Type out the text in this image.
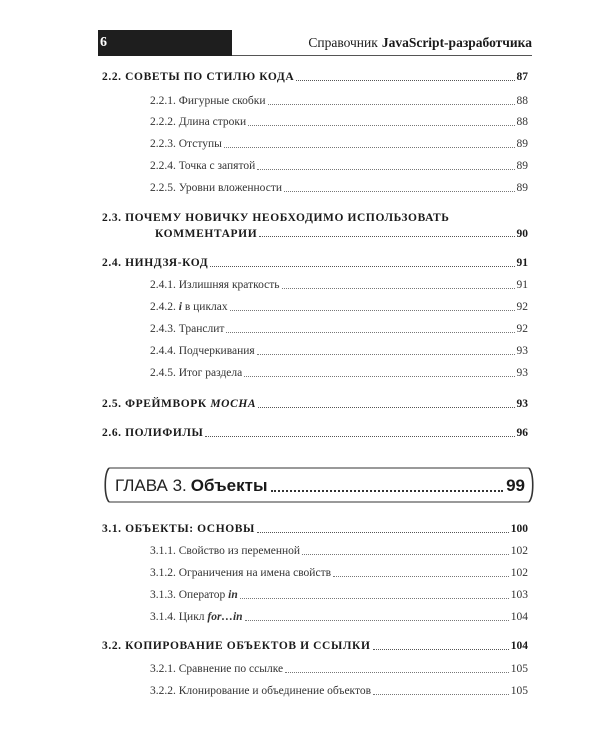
6	Справочник JavaScript-разработчика
2.2. СОВЕТЫ ПО СТИЛЮ КОДА	87
2.2.1. Фигурные скобки	88
2.2.2. Длина строки	88
2.2.3. Отступы	89
2.2.4. Точка с запятой	89
2.2.5. Уровни вложенности	89
2.3. ПОЧЕМУ НОВИЧКУ НЕОБХОДИМО ИСПОЛЬЗОВАТЬ
КОММЕНТАРИИ	90
2.4. НИНДЗЯ-КОД	91
2.4.1. Излишняя краткость	91
2.4.2. i в циклах	92
2.4.3. Транслит	92
2.4.4. Подчеркивания	93
2.4.5. Итог раздела	93
2.5. ФРЕЙМВОРК MOCHA	93
2.6. ПОЛИФИЛЫ	96
ГЛАВА 3. Объекты	99
3.1. ОБЪЕКТЫ: ОСНОВЫ	100
3.1.1. Свойство из переменной	102
3.1.2. Ограничения на имена свойств	102
3.1.3. Оператор in	103
3.1.4. Цикл for…in	104
3.2. КОПИРОВАНИЕ ОБЪЕКТОВ И ССЫЛКИ	104
3.2.1. Сравнение по ссылке	105
3.2.2. Клонирование и объединение объектов	105
